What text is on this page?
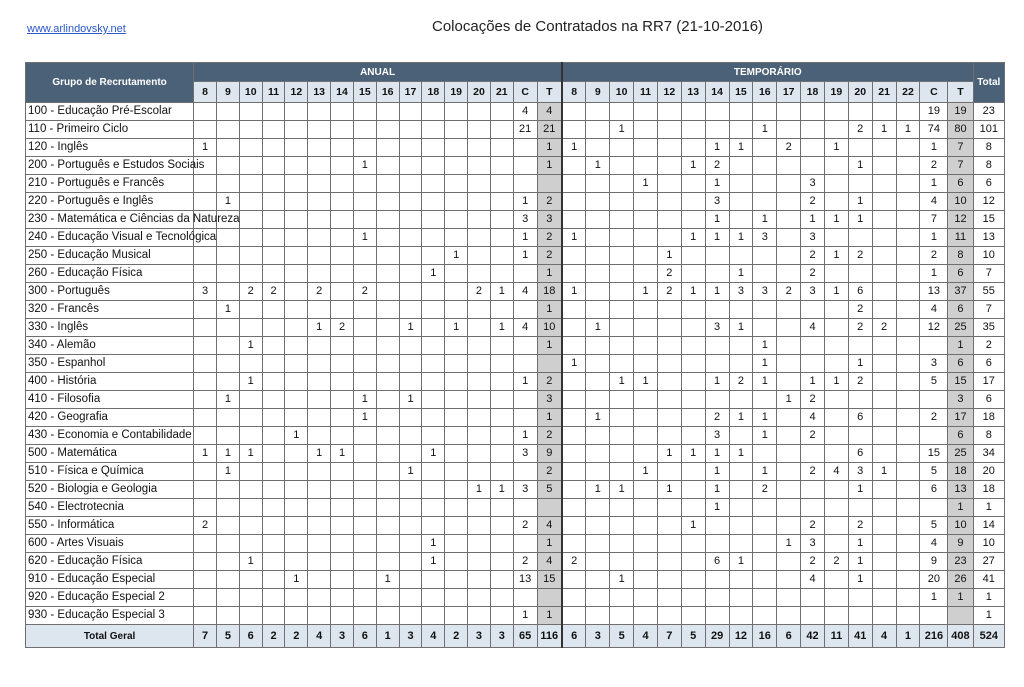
www.arlindovsky.net	Colocações de Contratados na RR7 (21-10-2016)
Grupo de Recrutamento	ANUAL																TEMPORÁRIO																	Total
	8	9	10	11	12	13	14	15	16	17	18	19	20	21	C	T	8	9	10	11	12	13	14	15	16	17	18	19	20	21	22	C	T	
100 - Educação Pré-Escolar															4	4																19	19	23
110 - Primeiro Ciclo															21	21			1						1				2	1	1	74	80	101
120 - Inglês	1															1	1						1	1		2		1				1	7	8
200 - Português e Estudos Sociais								1								1		1				1	2						1			2	7	8
210 - Português e Francês																				1			1				3					1	6	6
220 - Português e Inglês		1													1	2							3				2		1			4	10	12
230 - Matemática e Ciências da Natureza															3	3							1		1		1	1	1			7	12	15
240 - Educação Visual e Tecnológica								1							1	2	1					1	1	1	3		3					1	11	13
250 - Educação Musical												1			1	2					1						2	1	2			2	8	10
260 - Educação Física											1					1					2			1			2					1	6	7
300 - Português	3		2	2		2		2					2	1	4	18	1			1	2	1	1	3	3	2	3	1	6			13	37	55
320 - Francês		1														1													2			4	6	7
330 - Inglês						1	2			1		1		1	4	10		1					3	1			4		2	2		12	25	35
340 - Alemão			1													1									1								1	2
350 - Espanhol																	1								1				1			3	6	6
400 - História			1												1	2			1	1			1	2	1		1	1	2			5	15	17
410 - Filosofia		1						1		1						3										1	2						3	6
420 - Geografia								1								1		1					2	1	1		4		6			2	17	18
430 - Economia e Contabilidade					1										1	2							3		1		2						6	8
500 - Matemática	1	1	1			1	1				1				3	9					1	1	1	1					6			15	25	34
510 - Física e Química		1								1						2				1			1		1		2	4	3	1		5	18	20
520 - Biologia e Geologia													1	1	3	5		1	1		1		1		2				1			6	13	18
540 - Electrotecnia																							1										1	1
550 - Informática	2														2	4						1					2		2			5	10	14
600 - Artes Visuais											1					1										1	3		1			4	9	10
620 - Educação Física			1								1				2	4	2						6	1			2	2	1			9	23	27
910 - Educação Especial					1				1						13	15			1								4		1			20	26	41
920 - Educação Especial 2																																1	1	1
930 - Educação Especial 3															1	1																		1
Total Geral	7	5	6	2	2	4	3	6	1	3	4	2	3	3	65	116	6	3	5	4	7	5	29	12	16	6	42	11	41	4	1	216	408	524
